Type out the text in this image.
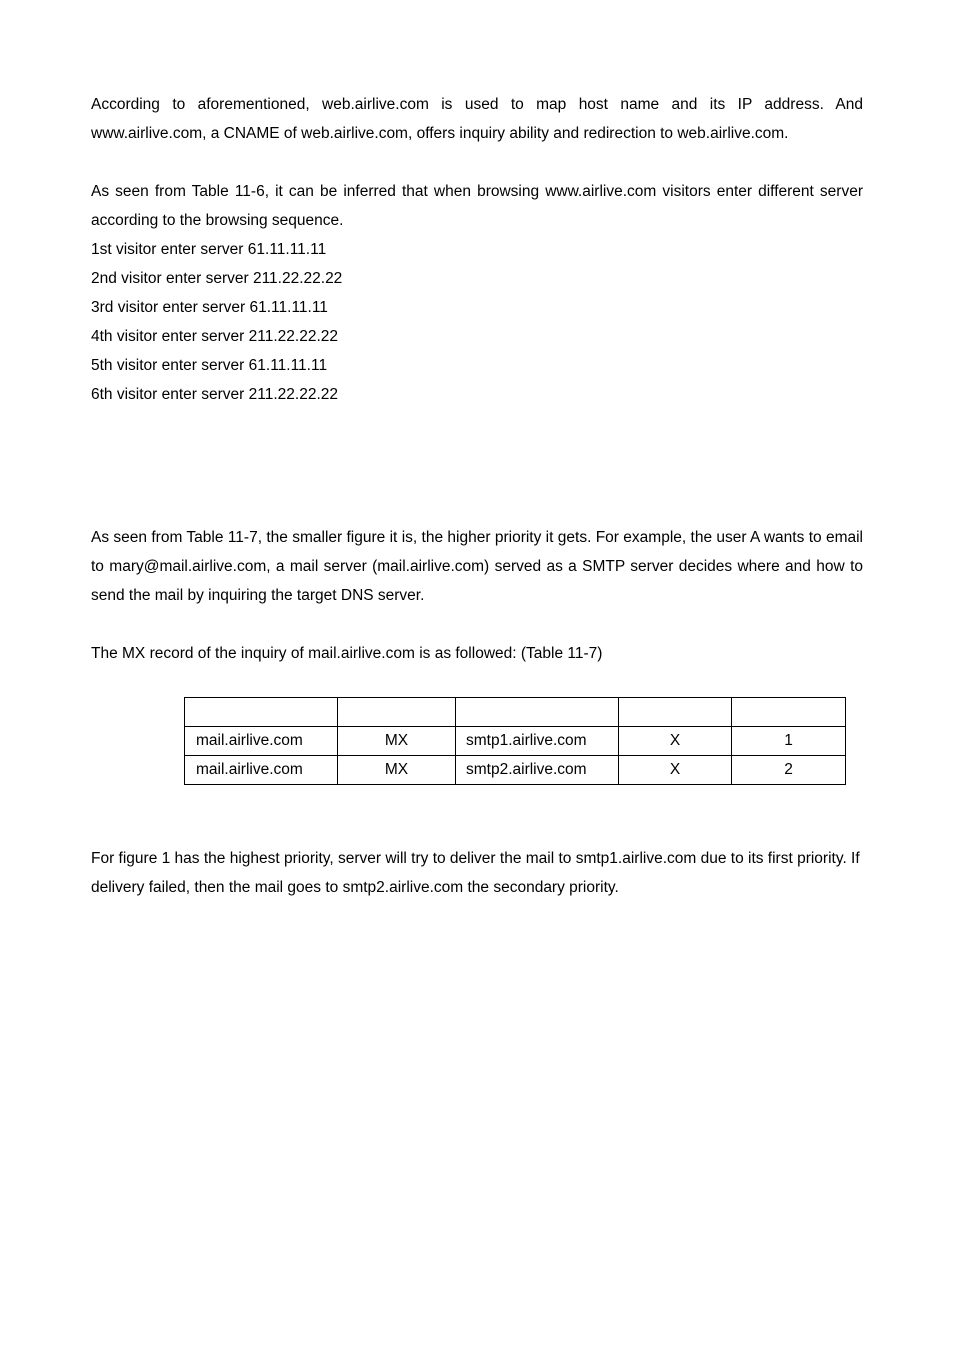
According to aforementioned, web.airlive.com is used to map host name and its IP address. And www.airlive.com, a CNAME of web.airlive.com, offers inquiry ability and redirection to web.airlive.com.

As seen from Table 11-6, it can be inferred that when browsing www.airlive.com visitors enter different server according to the browsing sequence.
1st visitor enter server 61.11.11.11
2nd visitor enter server 211.22.22.22
3rd visitor enter server 61.11.11.11
4th visitor enter server 211.22.22.22
5th visitor enter server 61.11.11.11
6th visitor enter server 211.22.22.22

As seen from Table 11-7, the smaller figure it is, the higher priority it gets. For example, the user A wants to email to mary@mail.airlive.com, a mail server (mail.airlive.com) served as a SMTP server decides where and how to send the mail by inquiring the target DNS server.

The MX record of the inquiry of mail.airlive.com is as followed: (Table 11-7)

mail.airlive.com	MX	smtp1.airlive.com	X	1
mail.airlive.com	MX	smtp2.airlive.com	X	2

For figure 1 has the highest priority, server will try to deliver the mail to smtp1.airlive.com due to its first priority. If delivery failed, then the mail goes to smtp2.airlive.com the secondary priority.
